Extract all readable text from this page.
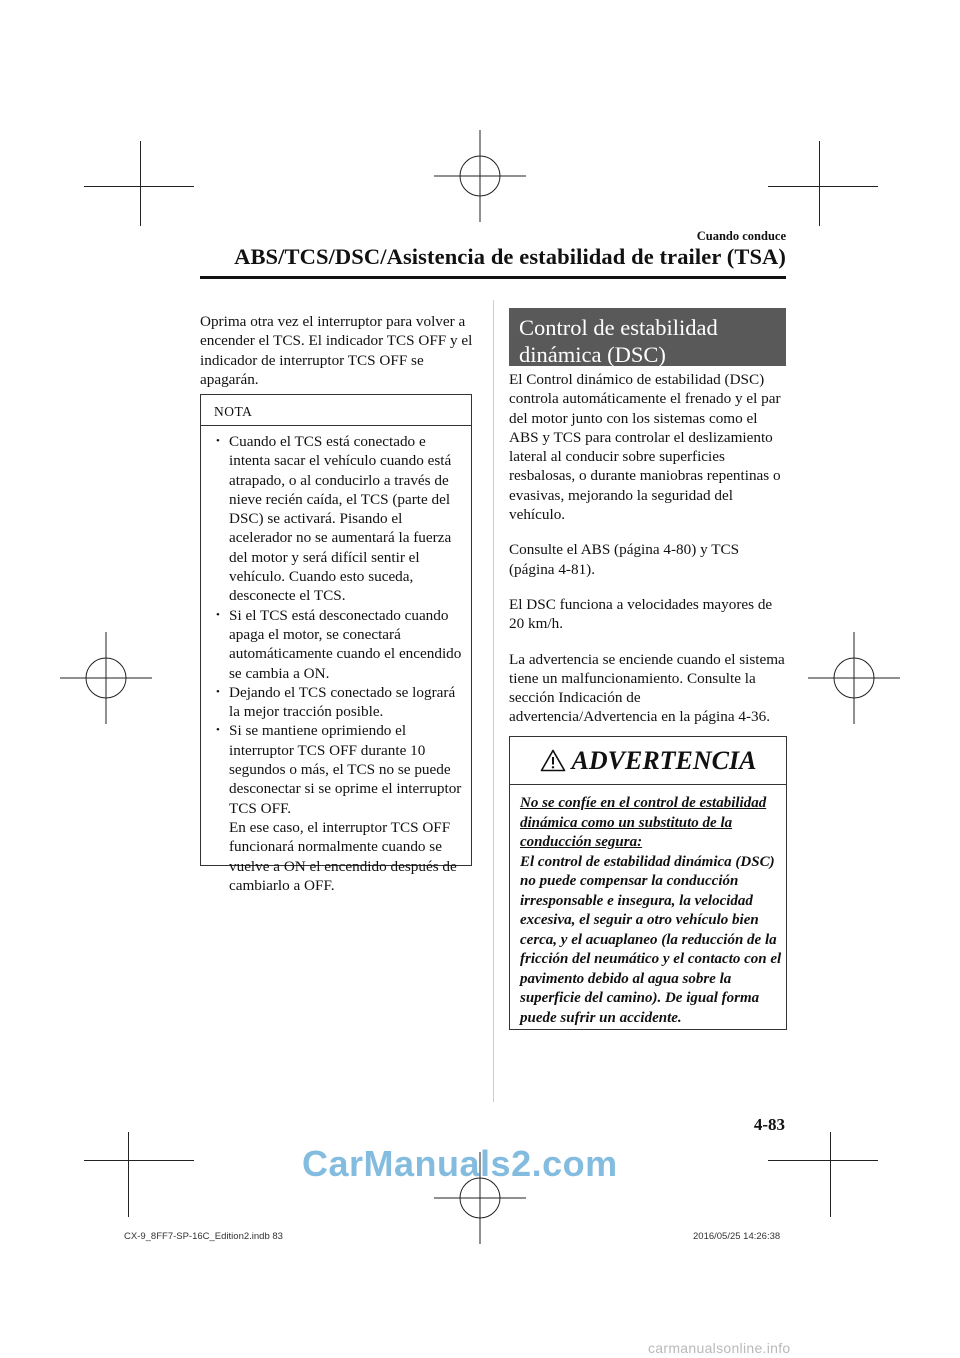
Cuando conduce
ABS/TCS/DSC/Asistencia de estabilidad de trailer (TSA)

Oprima otra vez el interruptor para volver a encender el TCS. El indicador TCS OFF y el indicador de interruptor TCS OFF se apagarán.

NOTA
• Cuando el TCS está conectado e intenta sacar el vehículo cuando está atrapado, o al conducirlo a través de nieve recién caída, el TCS (parte del DSC) se activará. Pisando el acelerador no se aumentará la fuerza del motor y será difícil sentir el vehículo. Cuando esto suceda, desconecte el TCS.
• Si el TCS está desconectado cuando apaga el motor, se conectará automáticamente cuando el encendido se cambia a ON.
• Dejando el TCS conectado se logrará la mejor tracción posible.
• Si se mantiene oprimiendo el interruptor TCS OFF durante 10 segundos o más, el TCS no se puede desconectar si se oprime el interruptor TCS OFF.
En ese caso, el interruptor TCS OFF funcionará normalmente cuando se vuelve a ON el encendido después de cambiarlo a OFF.
Control de estabilidad dinámica (DSC)

El Control dinámico de estabilidad (DSC) controla automáticamente el frenado y el par del motor junto con los sistemas como el ABS y TCS para controlar el deslizamiento lateral al conducir sobre superficies resbalosas, o durante maniobras repentinas o evasivas, mejorando la seguridad del vehículo.

Consulte el ABS (página 4-80) y TCS (página 4-81).

El DSC funciona a velocidades mayores de 20 km/h.

La advertencia se enciende cuando el sistema tiene un malfuncionamiento. Consulte la sección Indicación de advertencia/Advertencia en la página 4-36.

ADVERTENCIA
No se confíe en el control de estabilidad dinámica como un substituto de la conducción segura:
El control de estabilidad dinámica (DSC) no puede compensar la conducción irresponsable e insegura, la velocidad excesiva, el seguir a otro vehículo bien cerca, y el acuaplaneo (la reducción de la fricción del neumático y el contacto con el pavimento debido al agua sobre la superficie del camino). De igual forma puede sufrir un accidente.
4-83
CarManuals2.com
CX-9_8FF7-SP-16C_Edition2.indb 83	2016/05/25 14:26:38
carmanualsonline.info
